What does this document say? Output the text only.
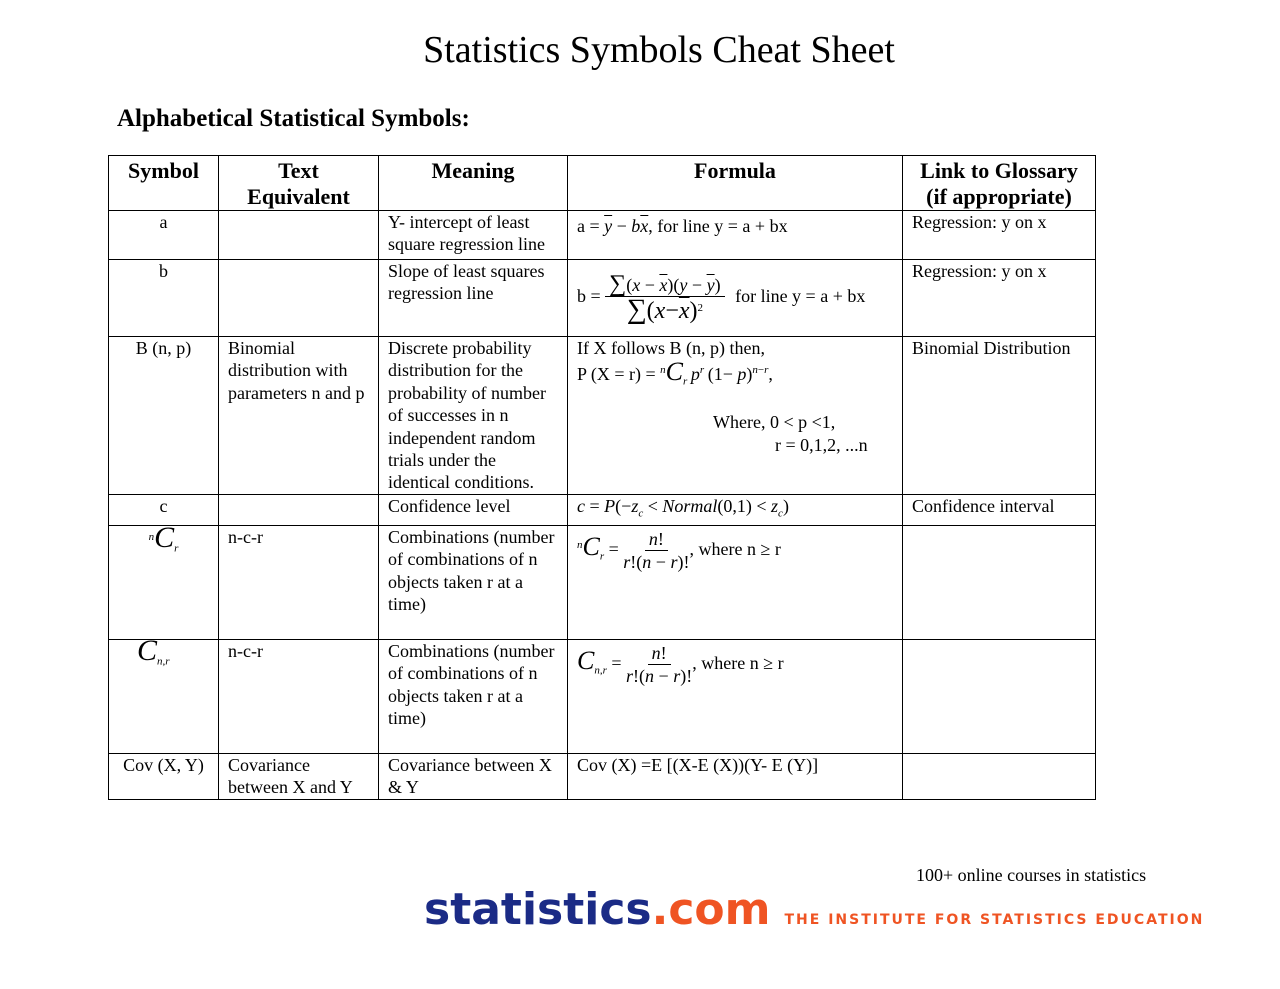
Statistics Symbols Cheat Sheet
Alphabetical Statistical Symbols:
Symbol	Text Equivalent	Meaning	Formula	Link to Glossary (if appropriate)
a		Y- intercept of least square regression line	$a = \overline{y} - b\overline{x}$, for line y = a + bx	Regression: y on x
b		Slope of least squares regression line	$b = \frac{\sum(x - \overline{x})(y - \overline{y})}{\sum(x-\overline{x})^2}$ for line y = a + bx	Regression: y on x
B (n, p)	Binomial distribution with parameters n and p	Discrete probability distribution for the probability of number of successes in n independent random trials under the identical conditions.	If X follows B (n, p) then,
P $(X = r) = ^nC_r$  $p^r$ $(1- p)^{n-r}$,
Where, 0 < p <1,
r = 0,1,2, ...n	Binomial Distribution
c		Confidence level	$c = P(-z_c$ < Normal(0,1) < $z_c$)	Confidence interval
$^nC_r$	n-c-r	Combinations (number of combinations of n objects taken r at a time)	$^nC_r = \frac{n!}{r!(n - r)!}$ , where n ≥ r	
$C_{n,r}$	n-c-r	Combinations (number of combinations of n objects taken r at a time)	$C_{n,r} = \frac{n!}{r!(n - r)!}$ , where n ≥ r	
Cov (X, Y)	Covariance between X and Y	Covariance between X & Y	Cov (X) =E [(X-E (X))(Y- E (Y)]	
100+ online courses in statistics
statistics .com THE INSTITUTE FOR STATISTICS EDUCATION
